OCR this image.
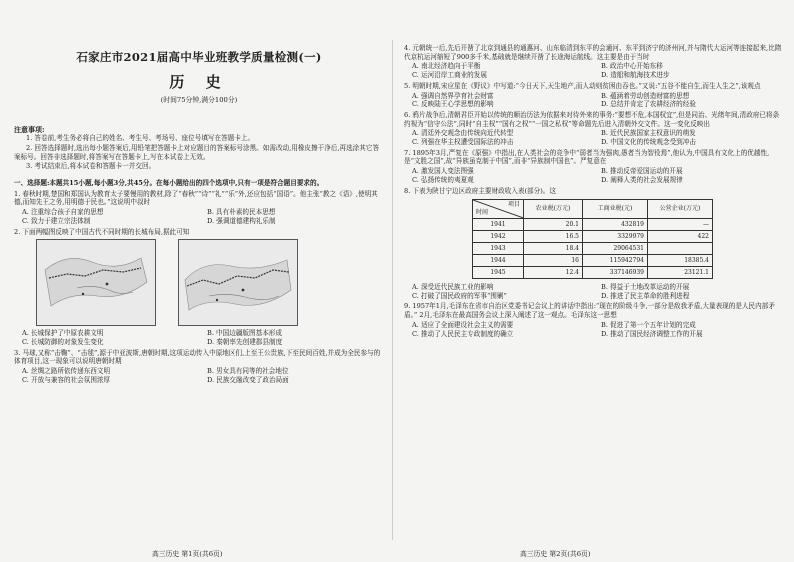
石家庄市2021届高中毕业班教学质量检测(一)
历 史
(时间75分钟,满分100分)
注意事项:

1. 答卷前,考生务必将自己的姓名、考生号、考场号、座位号填写在答题卡上。

2. 回答选择题时,选出每小题答案后,用铅笔把答题卡上对应题目的答案标号涂黑。如需改动,用橡皮擦干净后,再选涂其它答案标号。回答非选择题时,将答案写在答题卡上,写在本试卷上无效。

3. 考试结束后,将本试卷和答题卡一并交回。

一、选择题:本题共15小题,每小题3分,共45分。在每小题给出的四个选项中,只有一项是符合题目要求的。

1. 春秋时期,楚国和郑国认为教育太子要慢用的教材,除了“春秋”“诗”“礼”“乐”外,还应包括“国语”。他主张“教之《语》,使明其德,而知先王之务,用明德于民也。”这说明中叔时

A. 注重综合孩子自家的思想	B. 具有朴素的民本思想
C. 致力于建立宗法体制	D. 强调道德建构礼乐制

2. 下面两幅图反映了中国古代不同时期的长城布局,据此可知

A. 长城保护了中原农耕文明	B. 中国边疆版图基本形成
C. 长城防御的对象发生变化	D. 秦朝率先创建郡县制度

3. 马球,又称“击鞠”、“击毬”,源于中亚波斯,唐朝时期,这项运动传入中原地区们,上至王公贵族,下至民间百姓,并成为全民参与的体育项目,这一现象可以说明唐朝时期

A. 丝绸之路所依传递东西文明	B. 男女具有同等的社会地位
C. 开放与兼容的社会氛围浓厚	D. 民族交融改变了政治局面
高三历史 第1页(共6页)

4. 元朝统一后,先后开凿了北京到通县的通惠河、山东临清到东平的会通河、东平到济宁的济州河,并与隋代大运河等连接起来,比隋代京杭运河缩短了900多千米,基础就是继续开凿了长途海运航线。这主要是由于当时

A. 南北经济趋向于平衡	B. 政治中心开始东移
C. 运河沿岸工商业的发展	D. 造船和航海技术进步

5. 明朝时期,宋应星在《野议》中写道:“今日天下,天生地产,而人动则贫困由吞也。”又说:“五谷不能自生,而生人生之”,该观点

A. 强调自然界孕育社会财富	B. 蕴涵着劳动创造财富的思想
C. 反映陆王心学思想的影响	D. 总结并肯定了农耕经济的经验

6. 鸦片战争后,清朝君臣开始以传统的顺治历法为依据来对待外来的事务:“要想不危,本国权宜”,但是同治、光绪年间,清政府已将条约视为“信守公法”,同时“自主权”“国有之权”“一国之私权”等命题先后进入清朝外交文件。这一变化反映出

A. 清廷外交观念由传统向近代转型	B. 近代民族国家主权意识的萌发
C. 列强在华主权遭受国际法的冲击	D. 中国文化的传统观念受到冲击

7. 1895年3月,严复在《原强》中指出,在人类社会的竞争中“弱者当为强肉,愚者当为智役焉”,他认为,中国具有文化上的优越性,是“文胜之国”,故“异族虽克制于中国”,而非“异族制中国也”。严复意在

A. 激发国人变法图强	B. 推动反帝爱国运动的开展
C. 弘扬传统的夷夏观	D. 阐释人类的社会发展规律

8. 下表为陕甘宁边区政府主要财政收入表(部分)。这

项目
时间	农业税(万元)	工商业税(元)	公营企业(万元)
1941	20.1	432819	—
1942	16.5	3329979	422
1943	18.4	29064531	
1944	16	115942794	18385.4
1945	12.4	337146939	23121.1
A. 深受近代民族工业的影响	B. 得益于土地改革运动的开展
C. 打破了国民政府的军事“围剿”	D. 推进了民主革命的胜利进程

9. 1957年1月,毛泽东在省市自治区党委书记会议上的讲话中指出:“现在的阶级斗争,一部分是敌我矛盾,大量表现的是人民内部矛盾。” 2月,毛泽东在最高国务会议上深入阐述了这一观点。毛泽东这一思想

A. 适应了全面建设社会主义的需要	B. 促进了第一个五年计划的完成
C. 推动了人民民主专政制度的确立	D. 推动了国民经济调整工作的开展
高三历史 第2页(共6页)
